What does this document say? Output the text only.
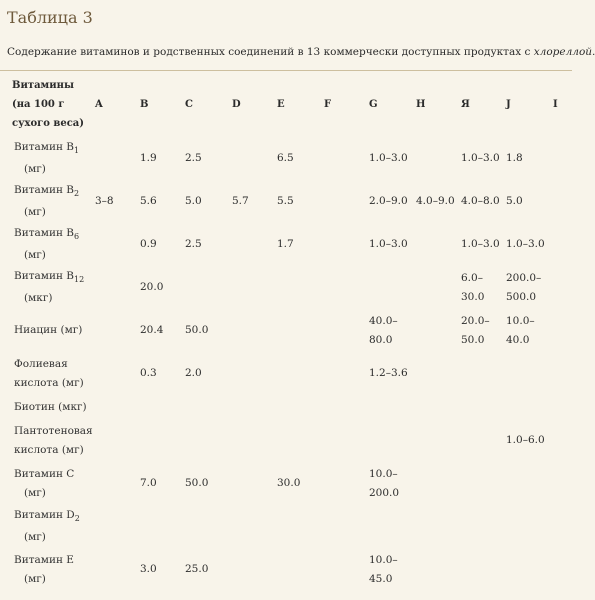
Таблица 3
Содержание витаминов и родственных соединений в 13 коммерчески доступных продуктах с хлореллой.
Витамины (на 100 г сухого веса)	A	B	C	D	E	F	G	H	Я	J	I
Витамин $B_1$
(мг)		1.9	2.5		6.5		1.0–3.0		1.0–3.0	1.8	
Витамин $B_2$
(мг)	3–8	5.6	5.0	5.7	5.5		2.0–9.0	4.0–9.0	4.0–8.0	5.0	
Витамин $B_6$
(мг)		0.9	2.5		1.7		1.0–3.0		1.0–3.0	1.0–3.0	
Витамин $B_{12}$
(мкг)		20.0							6.0–30.0	200.0–500.0	
Ниацин (мг)		20.4	50.0				40.0–80.0		20.0–50.0	10.0–40.0	
Фолиевая кислота (мг)		0.3	2.0				1.2–3.6				
Биотин (мкг)											
Пантотеновая кислота (мг)										1.0–6.0	
Витамин C
(мг)		7.0	50.0		30.0		10.0–200.0				
Витамин $D_2$
(мг)											
Витамин E
(мг)		3.0	25.0				10.0–45.0				
